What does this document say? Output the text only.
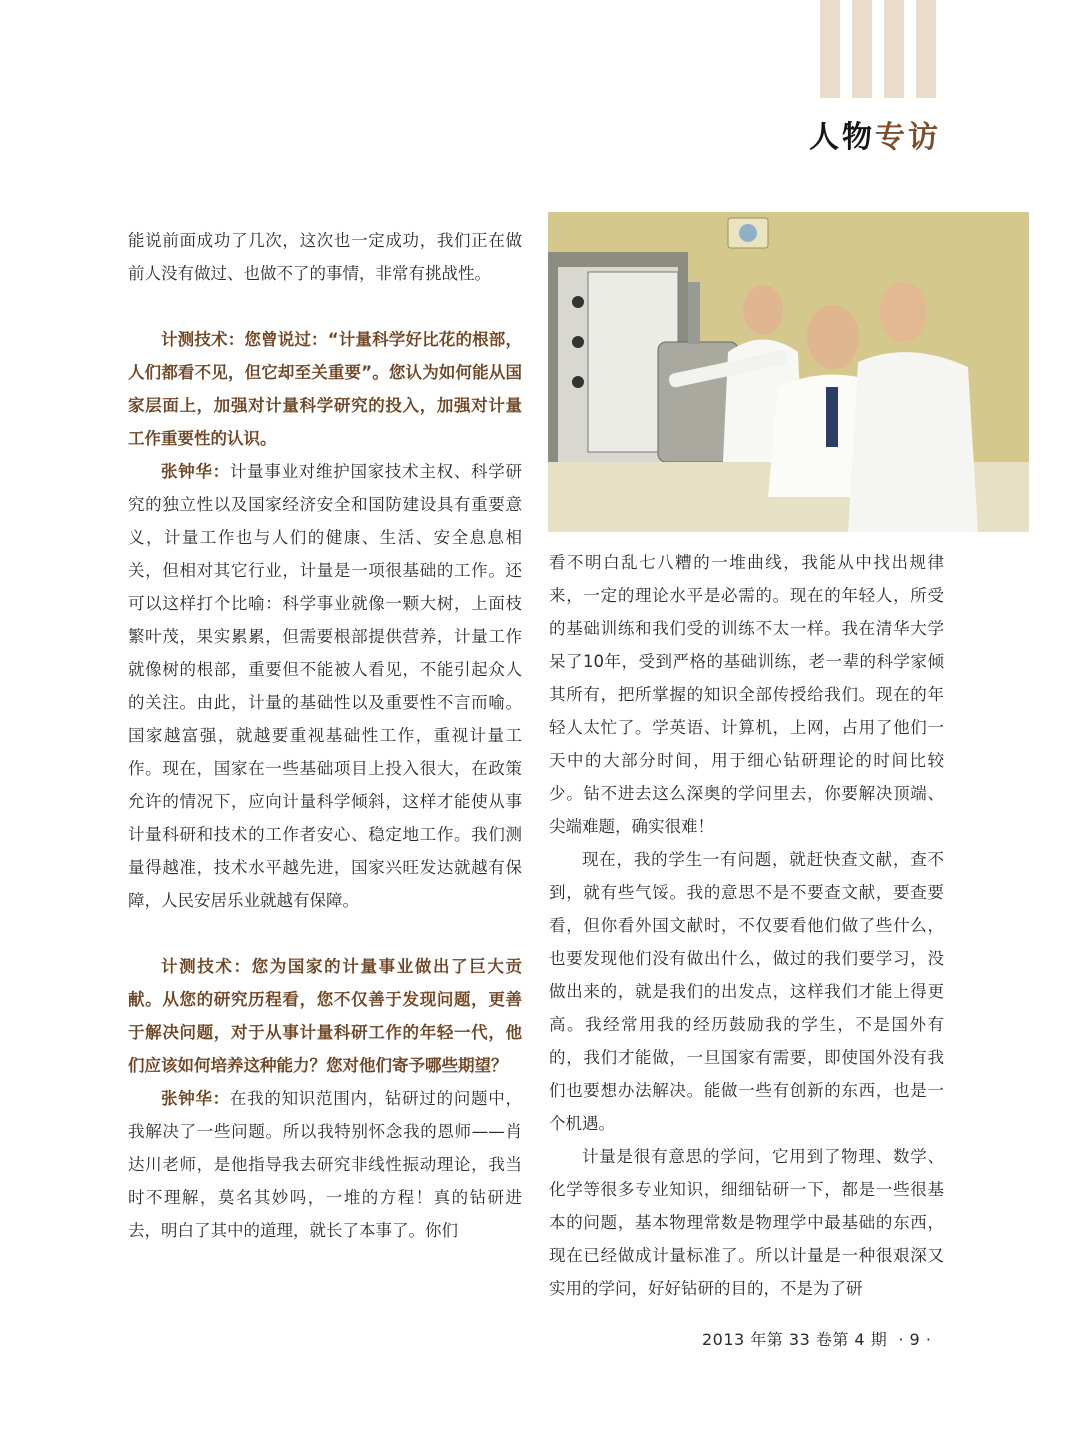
人物专访

能说前面成功了几次，这次也一定成功，我们正在做前人没有做过、也做不了的事情，非常有挑战性。

计测技术：您曾说过：“计量科学好比花的根部，人们都看不见，但它却至关重要”。您认为如何能从国家层面上，加强对计量科学研究的投入，加强对计量工作重要性的认识。

张钟华：计量事业对维护国家技术主权、科学研究的独立性以及国家经济安全和国防建设具有重要意义，计量工作也与人们的健康、生活、安全息息相关，但相对其它行业，计量是一项很基础的工作。还可以这样打个比喻：科学事业就像一颗大树，上面枝繁叶茂，果实累累，但需要根部提供营养，计量工作就像树的根部，重要但不能被人看见，不能引起众人的关注。由此，计量的基础性以及重要性不言而喻。国家越富强，就越要重视基础性工作，重视计量工作。现在，国家在一些基础项目上投入很大，在政策允许的情况下，应向计量科学倾斜，这样才能使从事计量科研和技术的工作者安心、稳定地工作。我们测量得越准，技术水平越先进，国家兴旺发达就越有保障，人民安居乐业就越有保障。

计测技术：您为国家的计量事业做出了巨大贡献。从您的研究历程看，您不仅善于发现问题，更善于解决问题，对于从事计量科研工作的年轻一代，他们应该如何培养这种能力？您对他们寄予哪些期望？

张钟华：在我的知识范围内，钻研过的问题中，我解决了一些问题。所以我特别怀念我的恩师——肖达川老师，是他指导我去研究非线性振动理论，我当时不理解，莫名其妙吗，一堆的方程！真的钻研进去，明白了其中的道理，就长了本事了。你们

看不明白乱七八糟的一堆曲线，我能从中找出规律来，一定的理论水平是必需的。现在的年轻人，所受的基础训练和我们受的训练不太一样。我在清华大学呆了10年，受到严格的基础训练，老一辈的科学家倾其所有，把所掌握的知识全部传授给我们。现在的年轻人太忙了。学英语、计算机，上网，占用了他们一天中的大部分时间，用于细心钻研理论的时间比较少。钻不进去这么深奥的学问里去，你要解决顶端、尖端难题，确实很难！

现在，我的学生一有问题，就赶快查文献，查不到，就有些气馁。我的意思不是不要查文献，要查要看，但你看外国文献时，不仅要看他们做了些什么，也要发现他们没有做出什么，做过的我们要学习，没做出来的，就是我们的出发点，这样我们才能上得更高。我经常用我的经历鼓励我的学生，不是国外有的，我们才能做，一旦国家有需要，即使国外没有我们也要想办法解决。能做一些有创新的东西，也是一个机遇。

计量是很有意思的学问，它用到了物理、数学、化学等很多专业知识，细细钻研一下，都是一些很基本的问题，基本物理常数是物理学中最基础的东西，现在已经做成计量标准了。所以计量是一种很艰深又实用的学问，好好钻研的目的，不是为了研

2013 年第 33 卷第 4 期 · 9 ·
